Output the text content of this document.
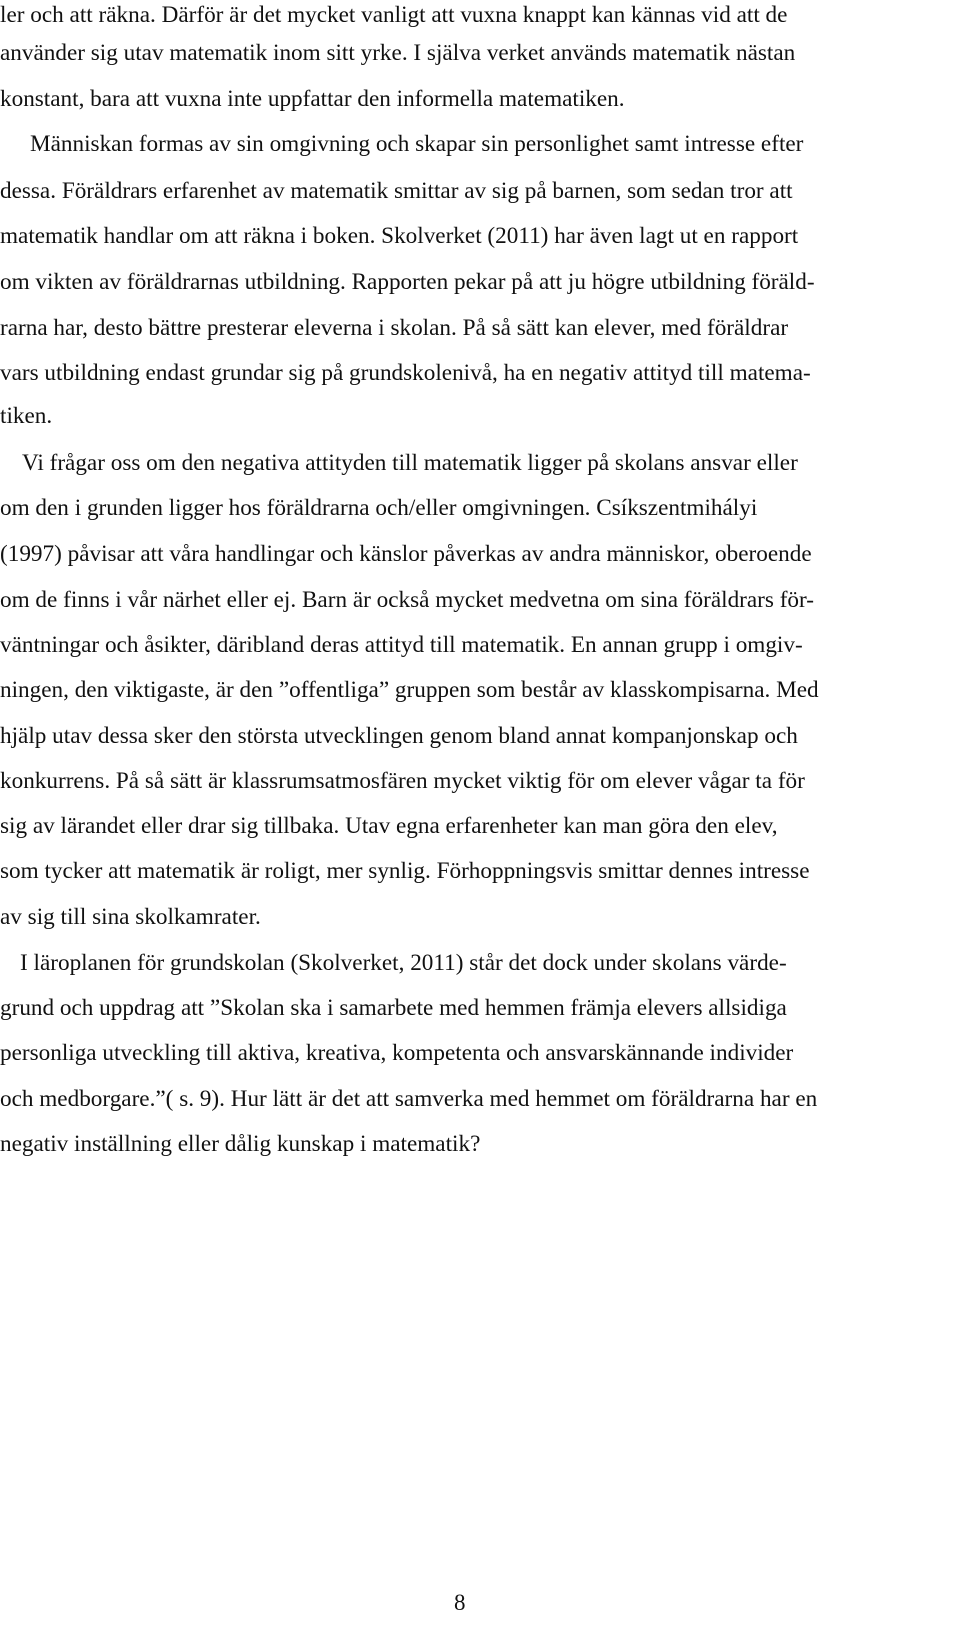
ler och att räkna. Därför är det mycket vanligt att vuxna knappt kan kännas vid att de
använder sig utav matematik inom sitt yrke. I själva verket används matematik nästan
konstant, bara att vuxna inte uppfattar den informella matematiken.
Människan formas av sin omgivning och skapar sin personlighet samt intresse efter
dessa. Föräldrars erfarenhet av matematik smittar av sig på barnen, som sedan tror att
matematik handlar om att räkna i boken. Skolverket (2011) har även lagt ut en rapport
om vikten av föräldrarnas utbildning. Rapporten pekar på att ju högre utbildning föräld-
rarna har, desto bättre presterar eleverna i skolan. På så sätt kan elever, med föräldrar
vars utbildning endast grundar sig på grundskolenivå, ha en negativ attityd till matema-
tiken.
Vi frågar oss om den negativa attityden till matematik ligger på skolans ansvar eller
om den i grunden ligger hos föräldrarna och/eller omgivningen. Csíkszentmihályi
(1997) påvisar att våra handlingar och känslor påverkas av andra människor, oberoende
om de finns i vår närhet eller ej. Barn är också mycket medvetna om sina föräldrars för-
väntningar och åsikter, däribland deras attityd till matematik. En annan grupp i omgiv-
ningen, den viktigaste, är den ”offentliga” gruppen som består av klasskompisarna. Med
hjälp utav dessa sker den största utvecklingen genom bland annat kompanjonskap och
konkurrens. På så sätt är klassrumsatmosfären mycket viktig för om elever vågar ta för
sig av lärandet eller drar sig tillbaka. Utav egna erfarenheter kan man göra den elev,
som tycker att matematik är roligt, mer synlig. Förhoppningsvis smittar dennes intresse
av sig till sina skolkamrater.
I läroplanen för grundskolan (Skolverket, 2011) står det dock under skolans värde-
grund och uppdrag att ”Skolan ska i samarbete med hemmen främja elevers allsidiga
personliga utveckling till aktiva, kreativa, kompetenta och ansvarskännande individer
och medborgare.”( s. 9). Hur lätt är det att samverka med hemmet om föräldrarna har en
negativ inställning eller dålig kunskap i matematik?
8
